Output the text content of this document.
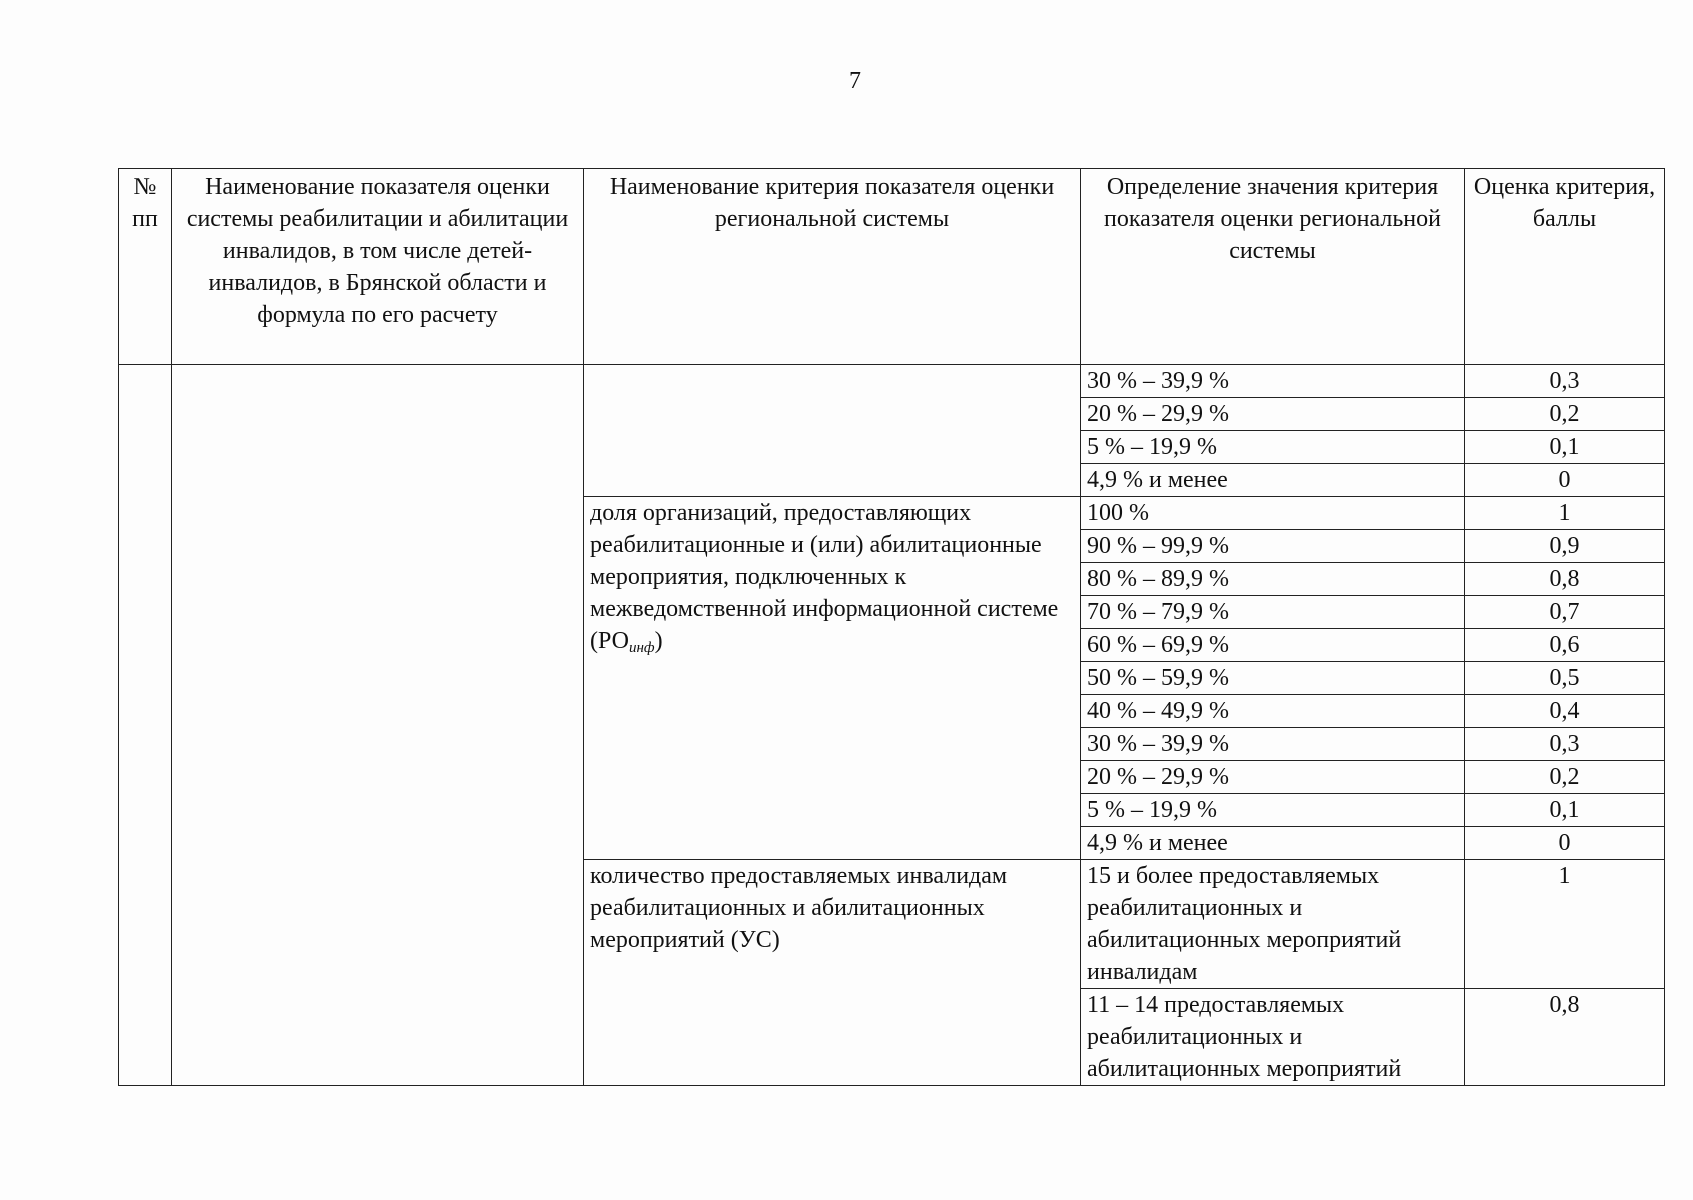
7
№ пп	Наименование показателя оценки системы реабилитации и абилитации инвалидов, в том числе детей-инвалидов, в Брянской области и формула по его расчету	Наименование критерия показателя оценки региональной системы	Определение значения критерия показателя оценки региональной системы	Оценка критерия, баллы
			30 % – 39,9 %	0,3
			20 % – 29,9 %	0,2
			5 % – 19,9 %	0,1
			4,9 % и менее	0

		доля организаций, предоставляющих реабилитационные и (или) абилитационные мероприятия, подключенных к межведомственной информационной системе $(РО_{инф})$	100 %	1
			90 % – 99,9 %	0,9
			80 % – 89,9 %	0,8
			70 % – 79,9 %	0,7
			60 % – 69,9 %	0,6
			50 % – 59,9 %	0,5
			40 % – 49,9 %	0,4
			30 % – 39,9 %	0,3
			20 % – 29,9 %	0,2
			5 % – 19,9 %	0,1
			4,9 % и менее	0
		количество предоставляемых инвалидам реабилитационных и абилитационных мероприятий (УС)	15 и более предоставляемых реабилитационных и абилитационных мероприятий инвалидам	1
			11 – 14 предоставляемых реабилитационных и абилитационных мероприятий	0,8
